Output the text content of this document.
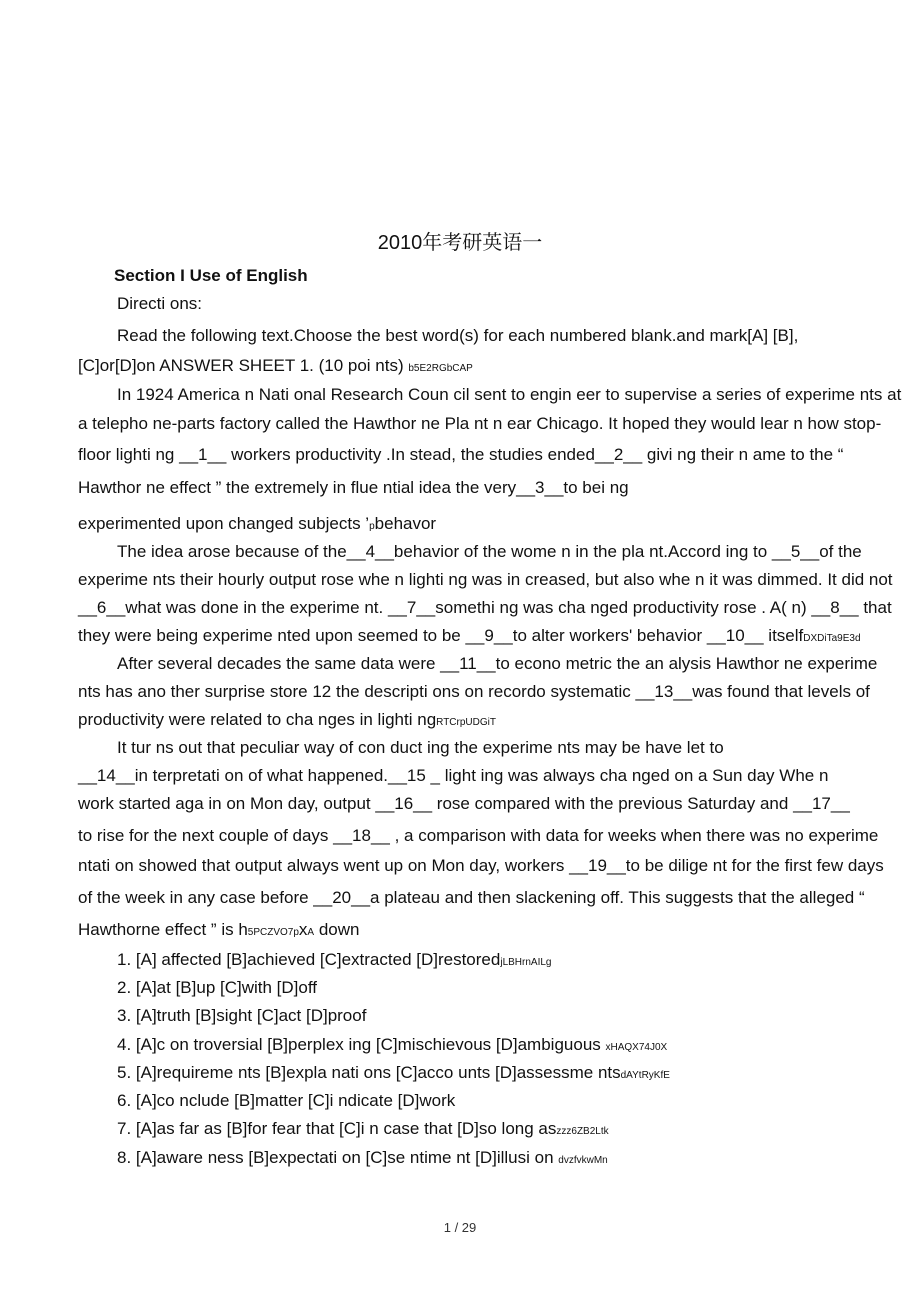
2010年考研英语一
Section I Use of English
Directi ons:
Read the following text.Choose the best word(s) for each numbered blank.and mark[A] [B],
[C]or[D]on ANSWER SHEET 1. (10 poi nts) b5E2RGbCAP
In 1924 America n Nati onal Research Coun cil sent to engin eer to supervise a series of experime nts at
a telepho ne-parts factory called the Hawthor ne Pla nt n ear Chicago. It hoped they would lear n how stop-
floor lighti ng __1__ workers productivity .In stead, the studies ended__2__ givi ng their n ame to the “
Hawthor ne effect ” the extremely in flue ntial idea the very__3__to bei ng
experimented upon changed subjects ’pbehavor
The idea arose because of the__4__behavior of the wome n in the pla nt.Accord ing to __5__of the
experime nts their hourly output rose whe n lighti ng was in creased, but also whe n it was dimmed. It did not
__6__what was done in the experime nt. __7__somethi ng was cha nged productivity rose . A( n) __8__ that
they were being experime nted upon seemed to be __9__to alter workers' behavior __10__ itselfDXDiTa9E3d
After several decades the same data were __11__to econo metric the an alysis Hawthor ne experime
nts has ano ther surprise store 12 the descripti ons on recordo systematic __13__was found that levels of
productivity were related to cha nges in lighti ngRTCrpUDGiT
It tur ns out that peculiar way of con duct ing the experime nts may be have let to
__14__in terpretati on of what happened.__15 _ light ing was always cha nged on a Sun day Whe n
work started aga in on Mon day, output __16__ rose compared with the previous Saturday and __17__
to rise for the next couple of days __18__ , a comparison with data for weeks when there was no experime
ntati on showed that output always went up on Mon day, workers __19__to be dilige nt for the first few days
of the week in any case before __20__a plateau and then slackening off. This suggests that the alleged “
Hawthorne effect ” is h5PCZVO7pxA down
1. [A] affected [B]achieved [C]extracted [D]restoredjLBHrnAILg
2. [A]at [B]up [C]with [D]off
3. [A]truth [B]sight [C]act [D]proof
4. [A]c on troversial [B]perplex ing [C]mischievous [D]ambiguous xHAQX74J0X
5. [A]requireme nts [B]expla nati ons [C]acco unts [D]assessme ntsdAYtRyKfE
6. [A]co nclude [B]matter [C]i ndicate [D]work
7. [A]as far as [B]for fear that [C]i n case that [D]so long aszzz6ZB2Ltk
8. [A]aware ness [B]expectati on [C]se ntime nt [D]illusi on dvzfvkwMn
1 / 29
